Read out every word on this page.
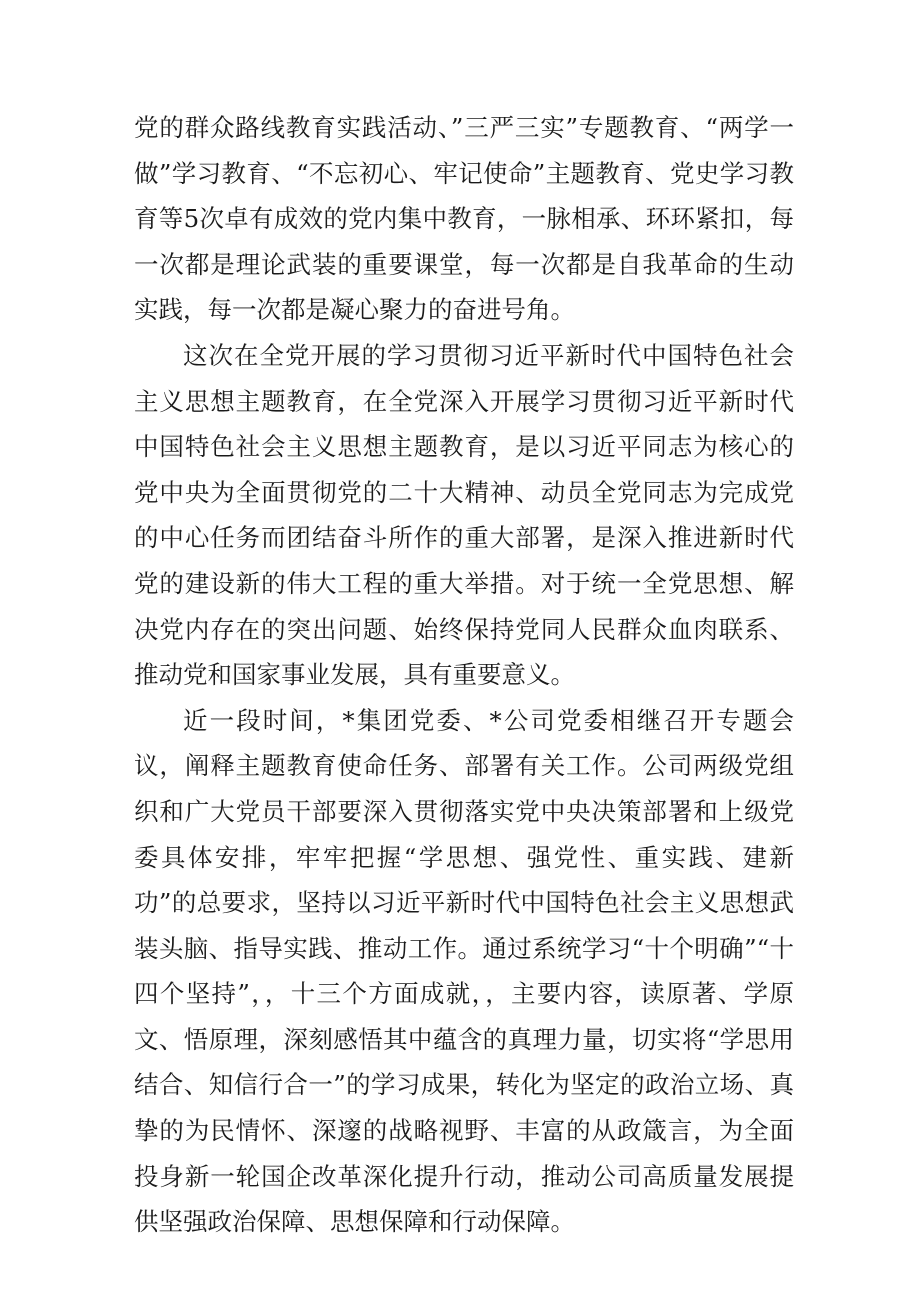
党的群众路线教育实践活动、”三严三实”专题教育、“两学一做”学习教育、“不忘初心、牢记使命”主题教育、党史学习教育等5次卓有成效的党内集中教育，一脉相承、环环紧扣，每一次都是理论武装的重要课堂，每一次都是自我革命的生动实践，每一次都是凝心聚力的奋进号角。

这次在全党开展的学习贯彻习近平新时代中国特色社会主义思想主题教育，在全党深入开展学习贯彻习近平新时代中国特色社会主义思想主题教育，是以习近平同志为核心的党中央为全面贯彻党的二十大精神、动员全党同志为完成党的中心任务而团结奋斗所作的重大部署，是深入推进新时代党的建设新的伟大工程的重大举措。对于统一全党思想、解决党内存在的突出问题、始终保持党同人民群众血肉联系、推动党和国家事业发展，具有重要意义。

近一段时间，*集团党委、*公司党委相继召开专题会议，阐释主题教育使命任务、部署有关工作。公司两级党组织和广大党员干部要深入贯彻落实党中央决策部署和上级党委具体安排，牢牢把握“学思想、强党性、重实践、建新功”的总要求，坚持以习近平新时代中国特色社会主义思想武装头脑、指导实践、推动工作。通过系统学习“十个明确”“十四个坚持”，，十三个方面成就，，主要内容，读原著、学原文、悟原理，深刻感悟其中蕴含的真理力量，切实将“学思用结合、知信行合一”的学习成果，转化为坚定的政治立场、真挚的为民情怀、深邃的战略视野、丰富的从政箴言，为全面投身新一轮国企改革深化提升行动，推动公司高质量发展提供坚强政治保障、思想保障和行动保障。
